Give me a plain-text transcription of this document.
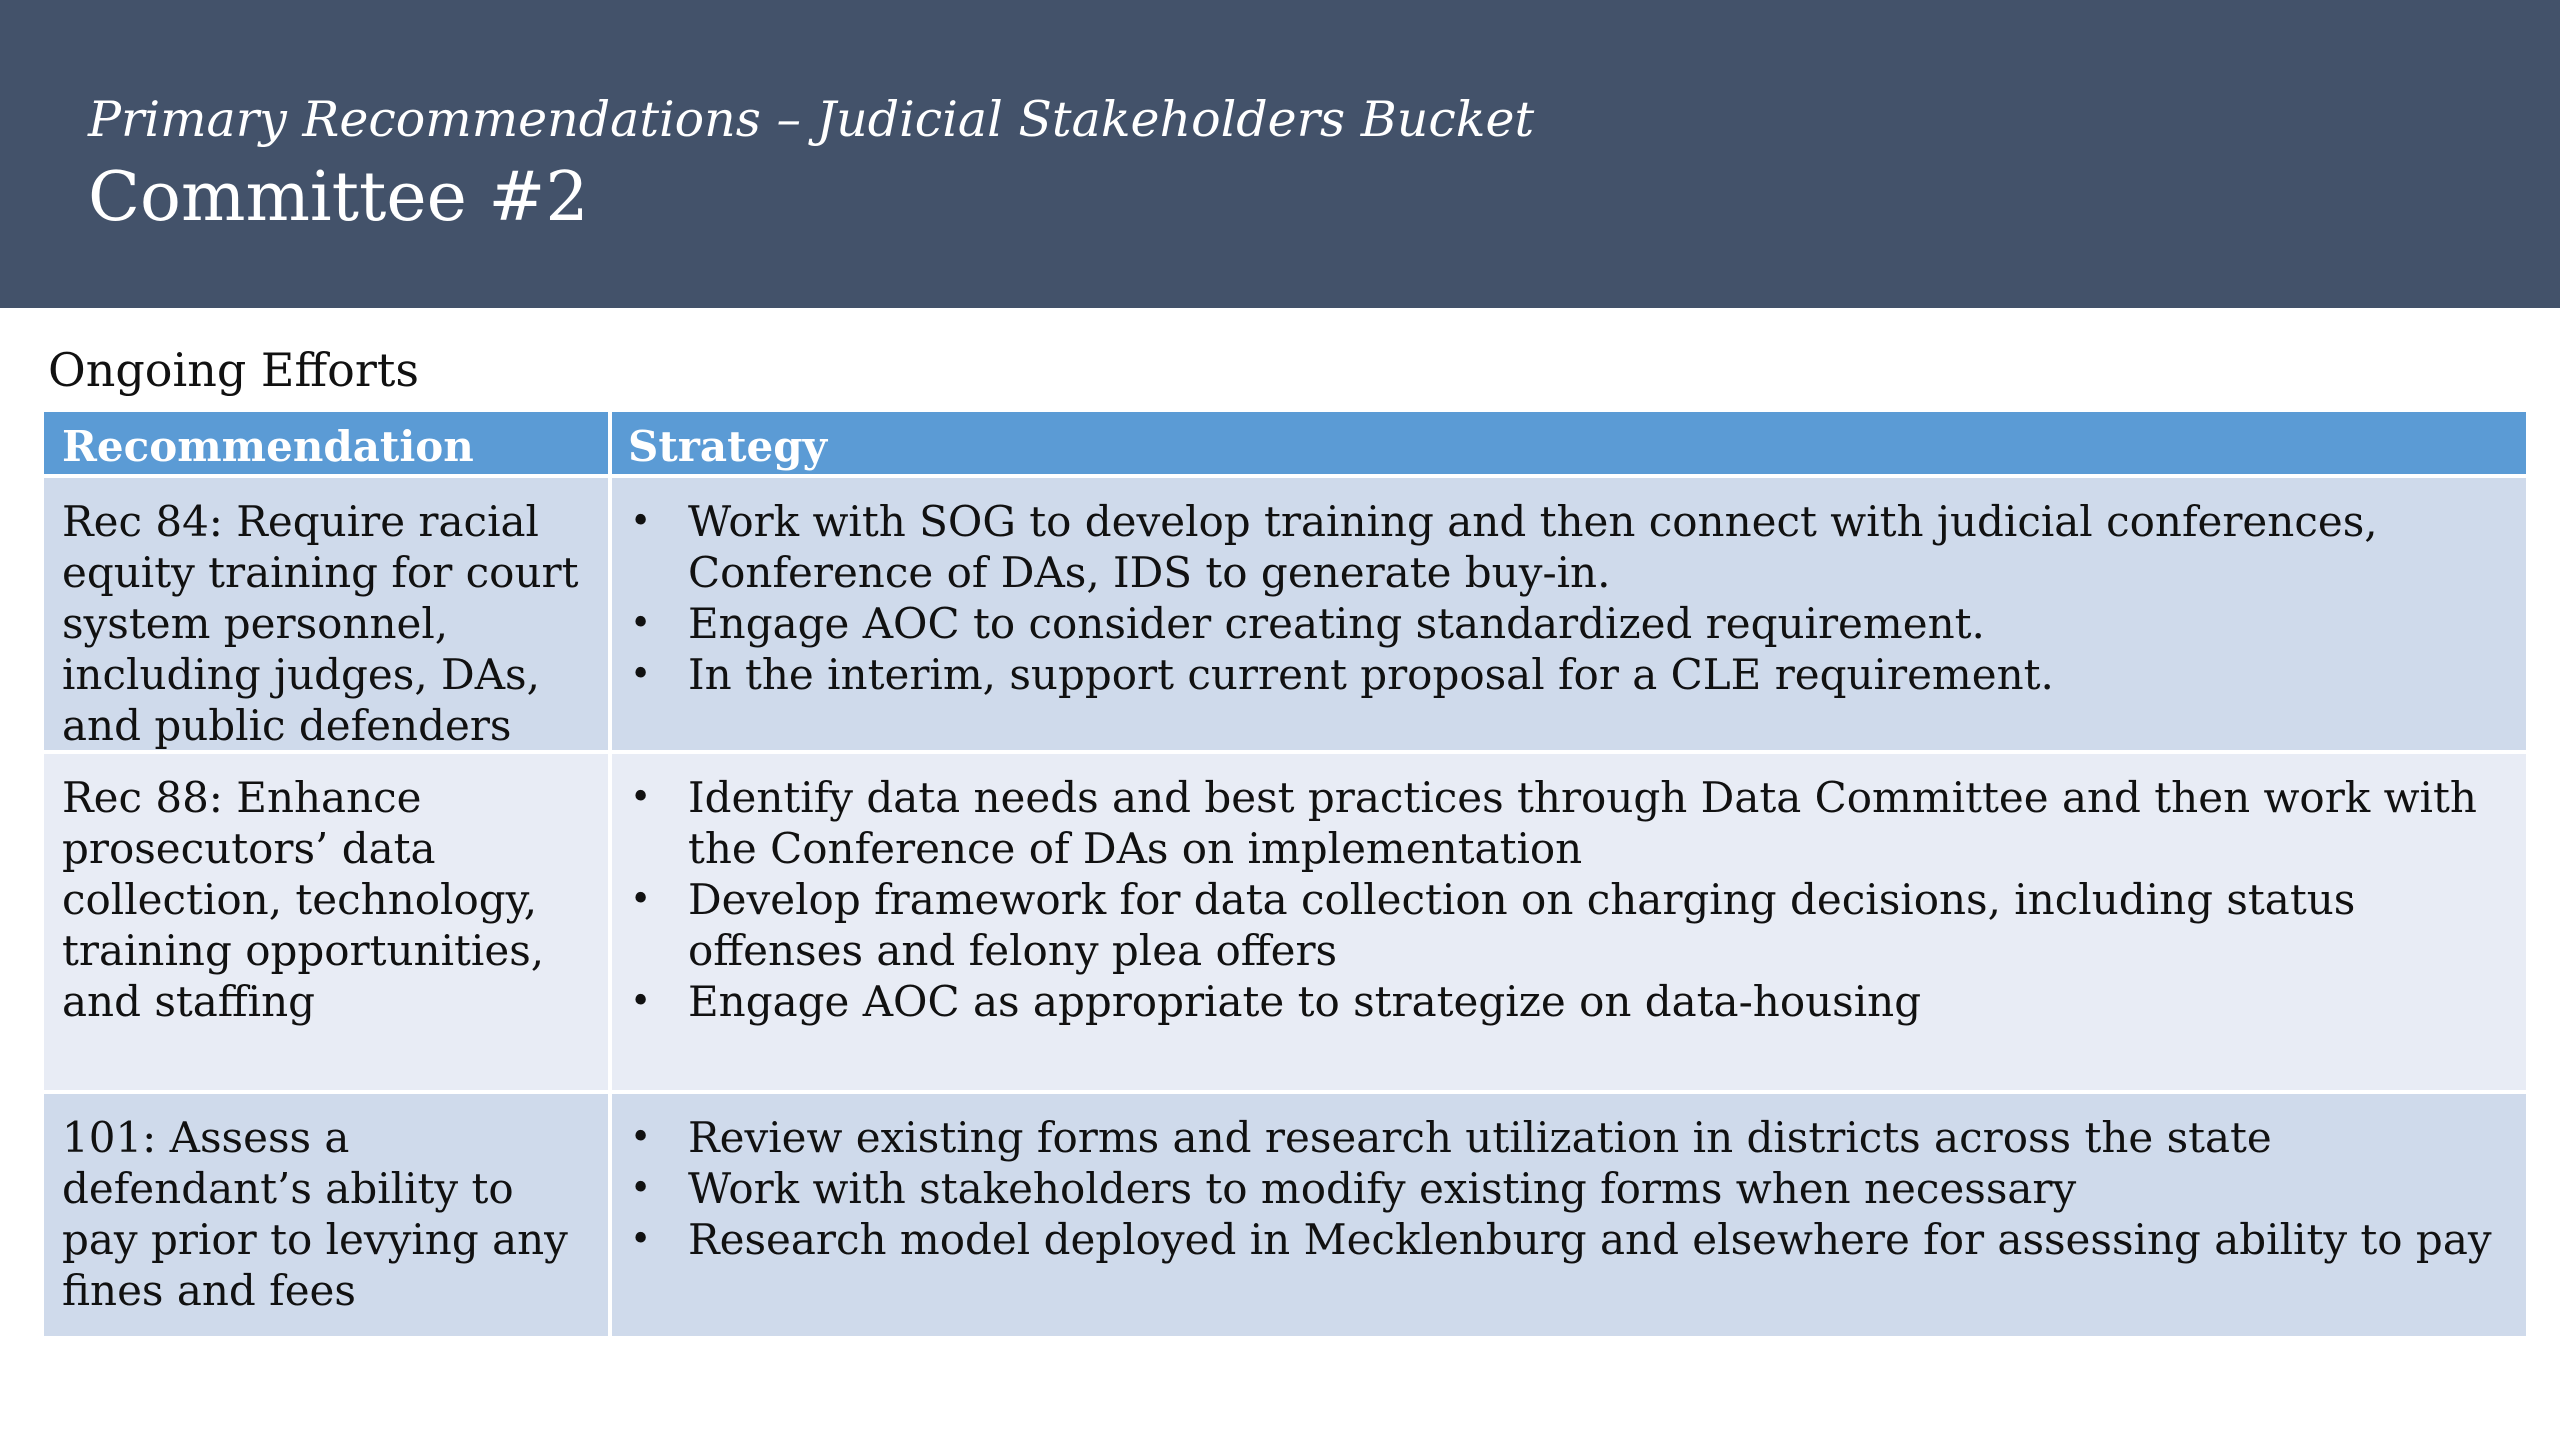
Primary Recommendations – Judicial Stakeholders Bucket
Committee #2
Ongoing Efforts
Recommendation	Strategy
Rec 84: Require racial equity training for court system personnel, including judges, DAs, and public defenders
• Work with SOG to develop training and then connect with judicial conferences, Conference of DAs, IDS to generate buy-in.
• Engage AOC to consider creating standardized requirement.
• In the interim, support current proposal for a CLE requirement.
Rec 88: Enhance prosecutors’ data collection, technology, training opportunities, and staffing
• Identify data needs and best practices through Data Committee and then work with the Conference of DAs on implementation
• Develop framework for data collection on charging decisions, including status offenses and felony plea offers
• Engage AOC as appropriate to strategize on data-housing
101: Assess a defendant’s ability to pay prior to levying any fines and fees
• Review existing forms and research utilization in districts across the state
• Work with stakeholders to modify existing forms when necessary
• Research model deployed in Mecklenburg and elsewhere for assessing ability to pay
